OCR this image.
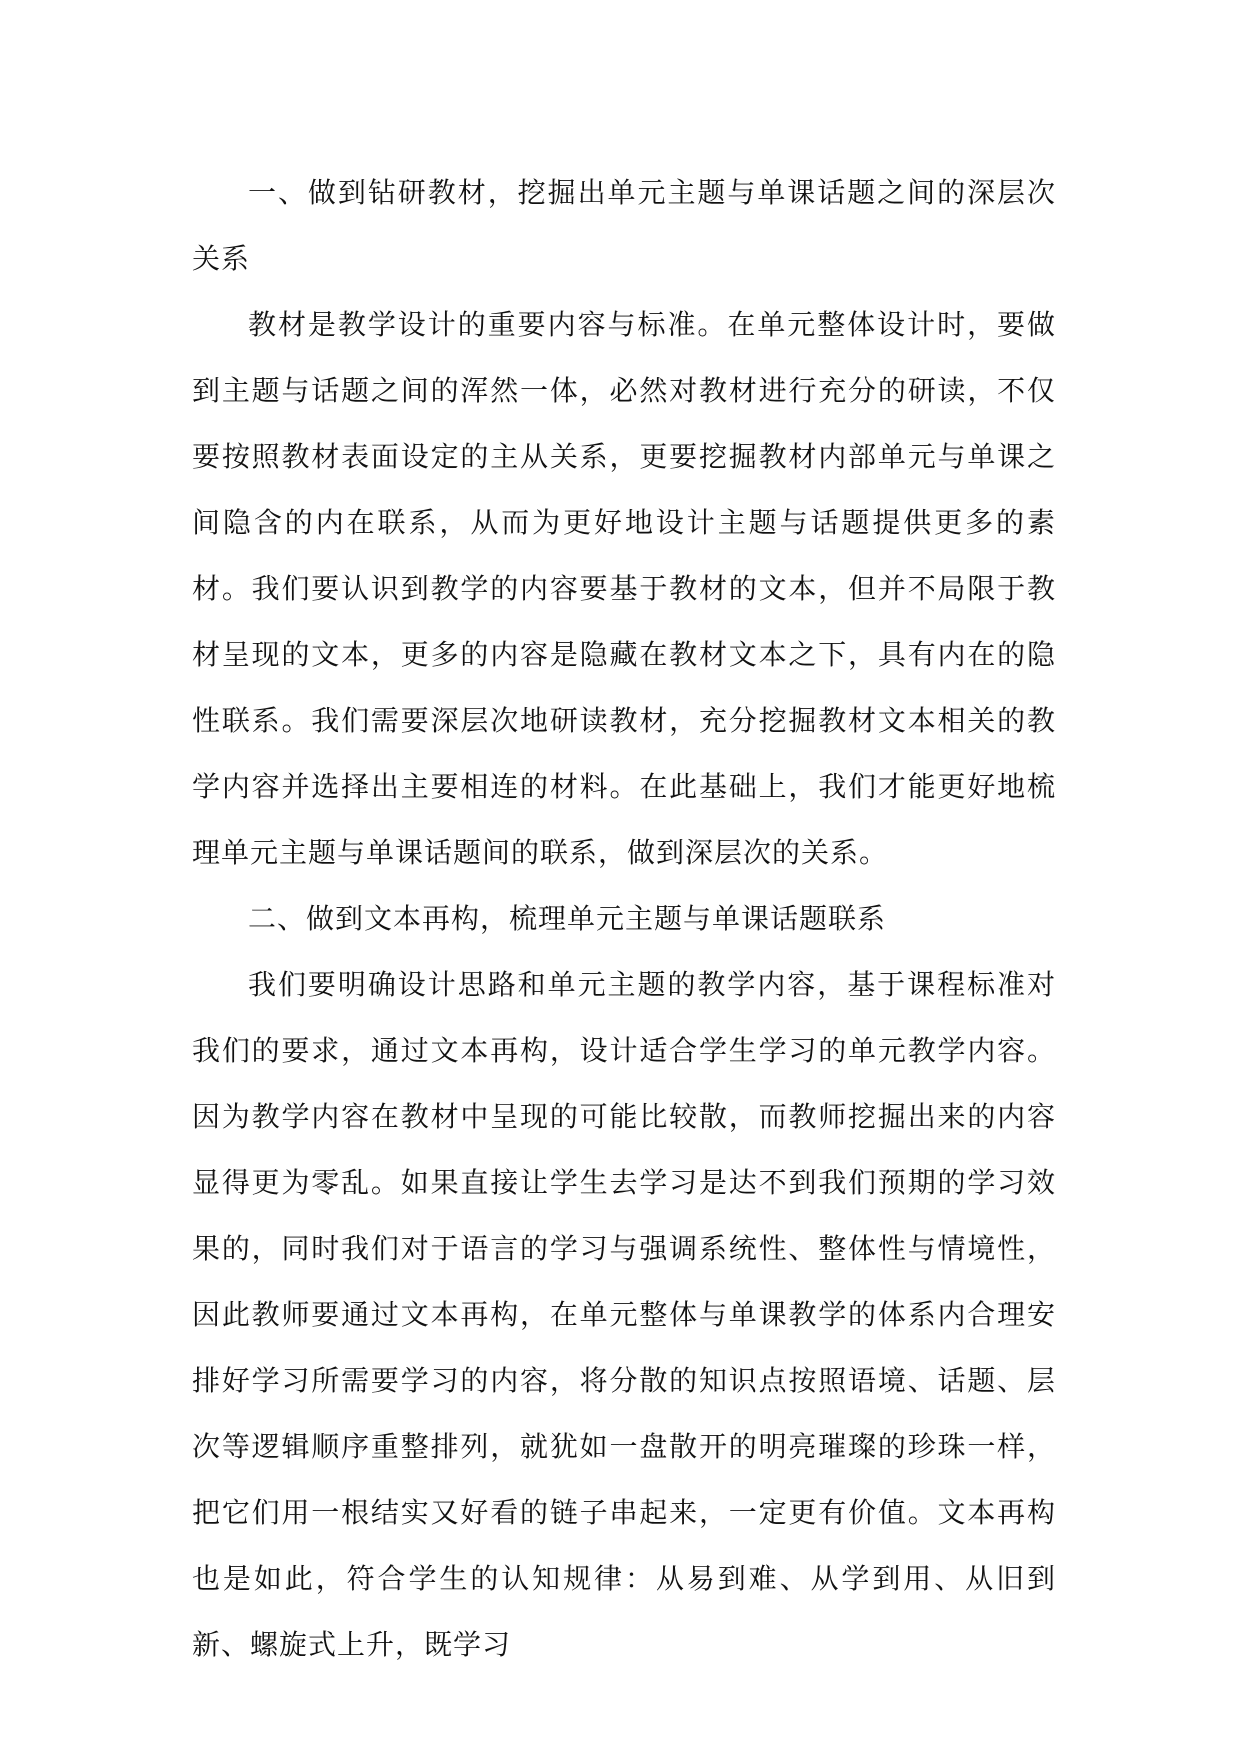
一、做到钻研教材，挖掘出单元主题与单课话题之间的深层次关系

教材是教学设计的重要内容与标准。在单元整体设计时，要做到主题与话题之间的浑然一体，必然对教材进行充分的研读，不仅要按照教材表面设定的主从关系，更要挖掘教材内部单元与单课之间隐含的内在联系，从而为更好地设计主题与话题提供更多的素材。我们要认识到教学的内容要基于教材的文本，但并不局限于教材呈现的文本，更多的内容是隐藏在教材文本之下，具有内在的隐性联系。我们需要深层次地研读教材，充分挖掘教材文本相关的教学内容并选择出主要相连的材料。在此基础上，我们才能更好地梳理单元主题与单课话题间的联系，做到深层次的关系。

二、做到文本再构，梳理单元主题与单课话题联系

我们要明确设计思路和单元主题的教学内容，基于课程标准对我们的要求，通过文本再构，设计适合学生学习的单元教学内容。因为教学内容在教材中呈现的可能比较散，而教师挖掘出来的内容显得更为零乱。如果直接让学生去学习是达不到我们预期的学习效果的，同时我们对于语言的学习与强调系统性、整体性与情境性，因此教师要通过文本再构，在单元整体与单课教学的体系内合理安排好学习所需要学习的内容，将分散的知识点按照语境、话题、层次等逻辑顺序重整排列，就犹如一盘散开的明亮璀璨的珍珠一样，把它们用一根结实又好看的链子串起来，一定更有价值。文本再构也是如此，符合学生的认知规律：从易到难、从学到用、从旧到新、螺旋式上升，既学习
